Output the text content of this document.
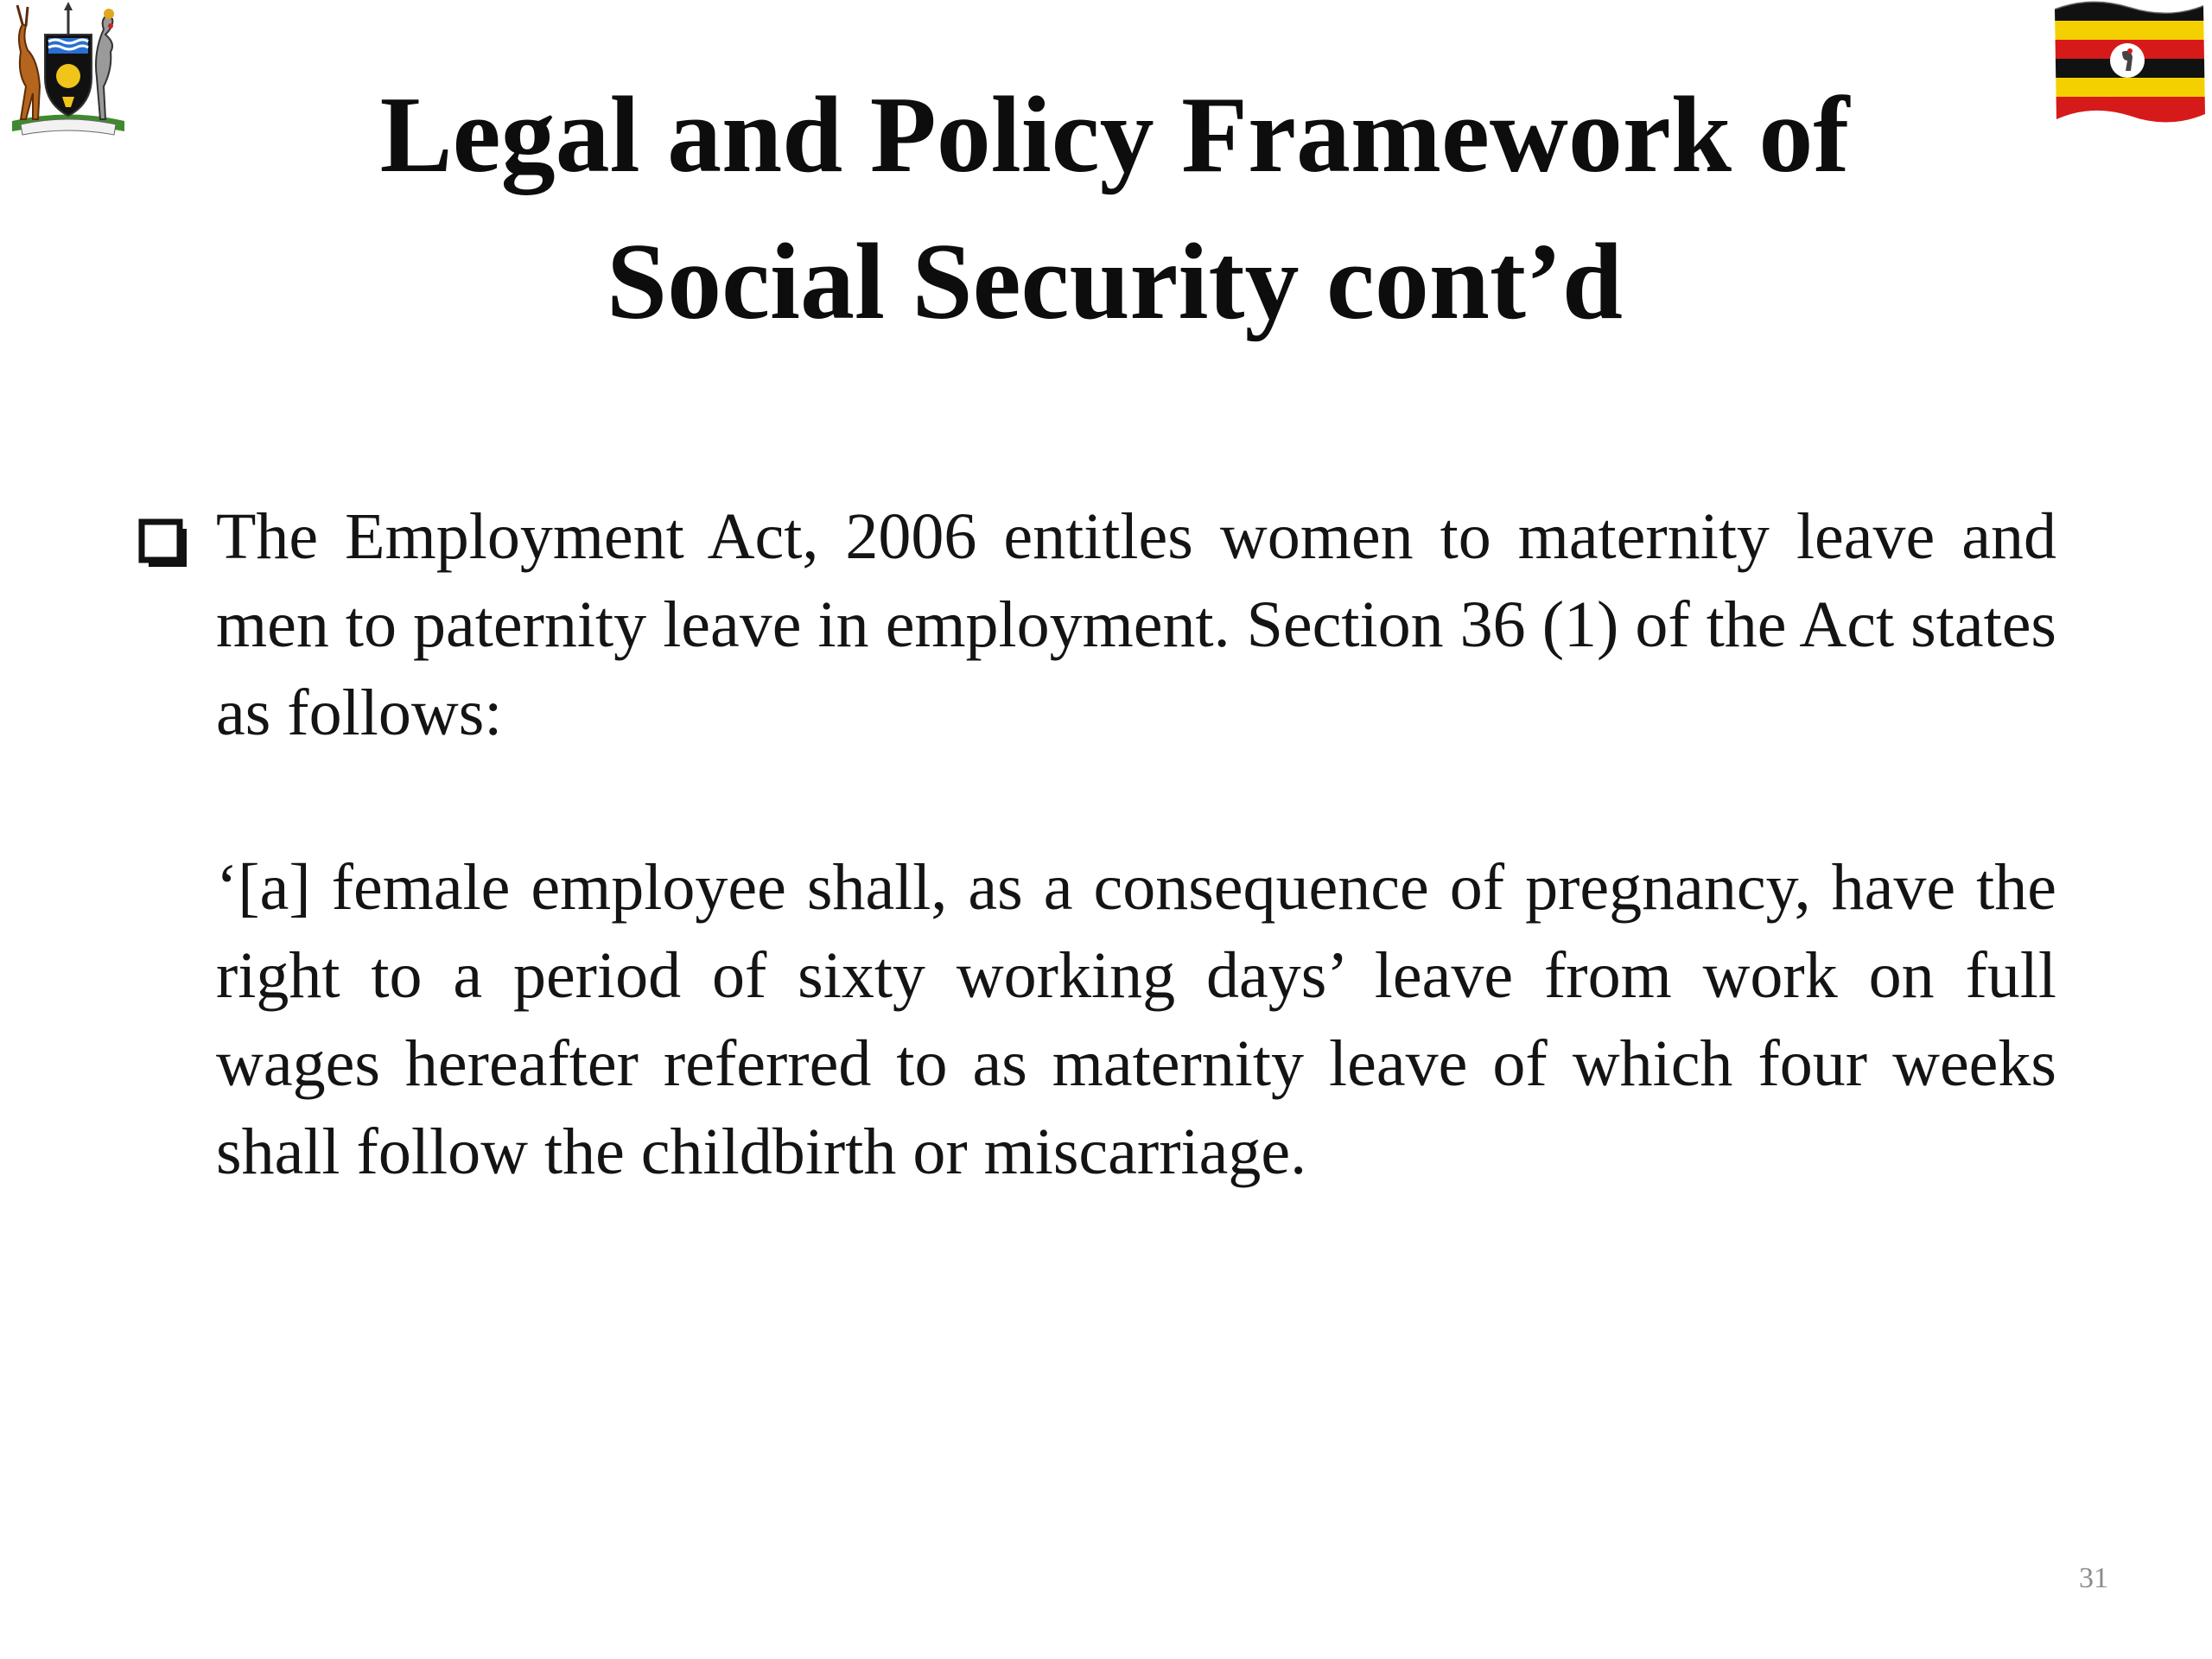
Legal and Policy Framework of
Social Security cont’d

The Employment Act, 2006 entitles women to maternity leave and men to paternity leave in employment. Section 36 (1) of the Act states as follows:

‘[a] female employee shall, as a consequence of pregnancy, have the right to a period of sixty working days’ leave from work on full wages hereafter referred to as maternity leave of which four weeks shall follow the childbirth or miscarriage.

31
